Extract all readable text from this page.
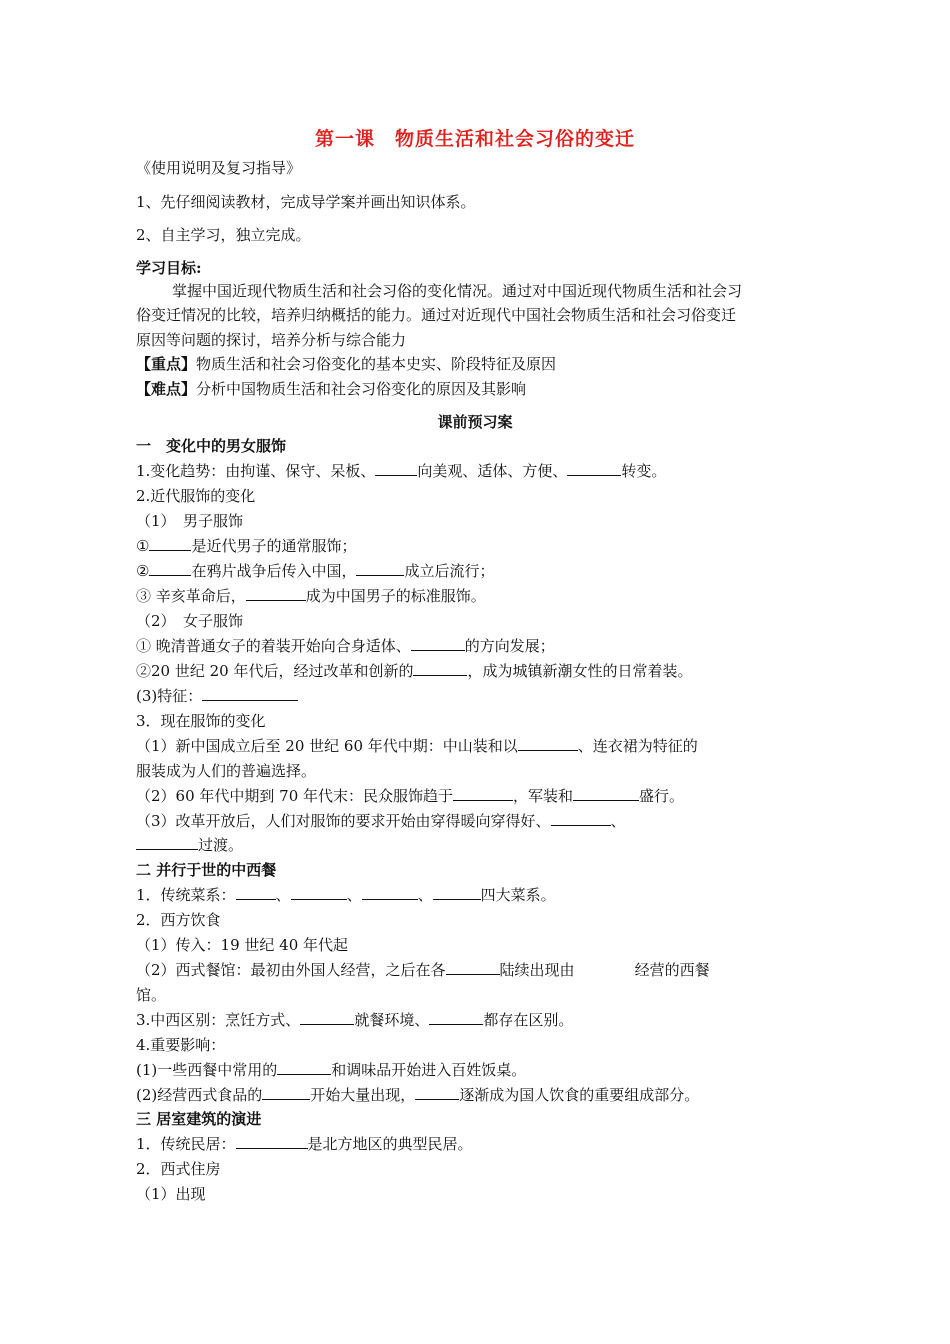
第一课　物质生活和社会习俗的变迁
《使用说明及复习指导》
1、先仔细阅读教材，完成导学案并画出知识体系。
2、自主学习，独立完成。
学习目标:
掌握中国近现代物质生活和社会习俗的变化情况。通过对中国近现代物质生活和社会习
俗变迁情况的比较，培养归纳概括的能力。通过对近现代中国社会物质生活和社会习俗变迁
原因等问题的探讨，培养分析与综合能力
【重点】物质生活和社会习俗变化的基本史实、阶段特征及原因
【难点】分析中国物质生活和社会习俗变化的原因及其影响
课前预习案
一　变化中的男女服饰
1.变化趋势：由拘谨、保守、呆板、	向美观、适体、方便、	转变。
2.近代服饰的变化
（1）　男子服饰
①	是近代男子的通常服饰；
②	在鸦片战争后传入中国，	成立后流行；
③ 辛亥革命后，	成为中国男子的标准服饰。
（2）　女子服饰
① 晚清普通女子的着装开始向合身适体、	的方向发展；
②20 世纪 20 年代后，经过改革和创新的	，成为城镇新潮女性的日常着装。
(3)特征：
3．现在服饰的变化
（1）新中国成立后至 20 世纪 60 年代中期：中山装和以	、连衣裙为特征的
服装成为人们的普遍选择。
（2）60 年代中期到 70 年代末：民众服饰趋于	，军装和	盛行。
（3）改革开放后，人们对服饰的要求开始由穿得暖向穿得好、	、
过渡。
二 并行于世的中西餐
1．传统菜系：	、	、	、	四大菜系。
2．西方饮食
（1）传入：19 世纪 40 年代起
（2）西式餐馆：最初由外国人经营，之后在各	陆续出现由	经营的西餐
馆。
3.中西区别：烹饪方式、	就餐环境、	都存在区别。
4.重要影响：
(1)一些西餐中常用的	和调味品开始进入百姓饭桌。
(2)经营西式食品的	开始大量出现，	逐渐成为国人饮食的重要组成部分。
三 居室建筑的演进
1．传统民居：	是北方地区的典型民居。
2．西式住房
（1）出现
